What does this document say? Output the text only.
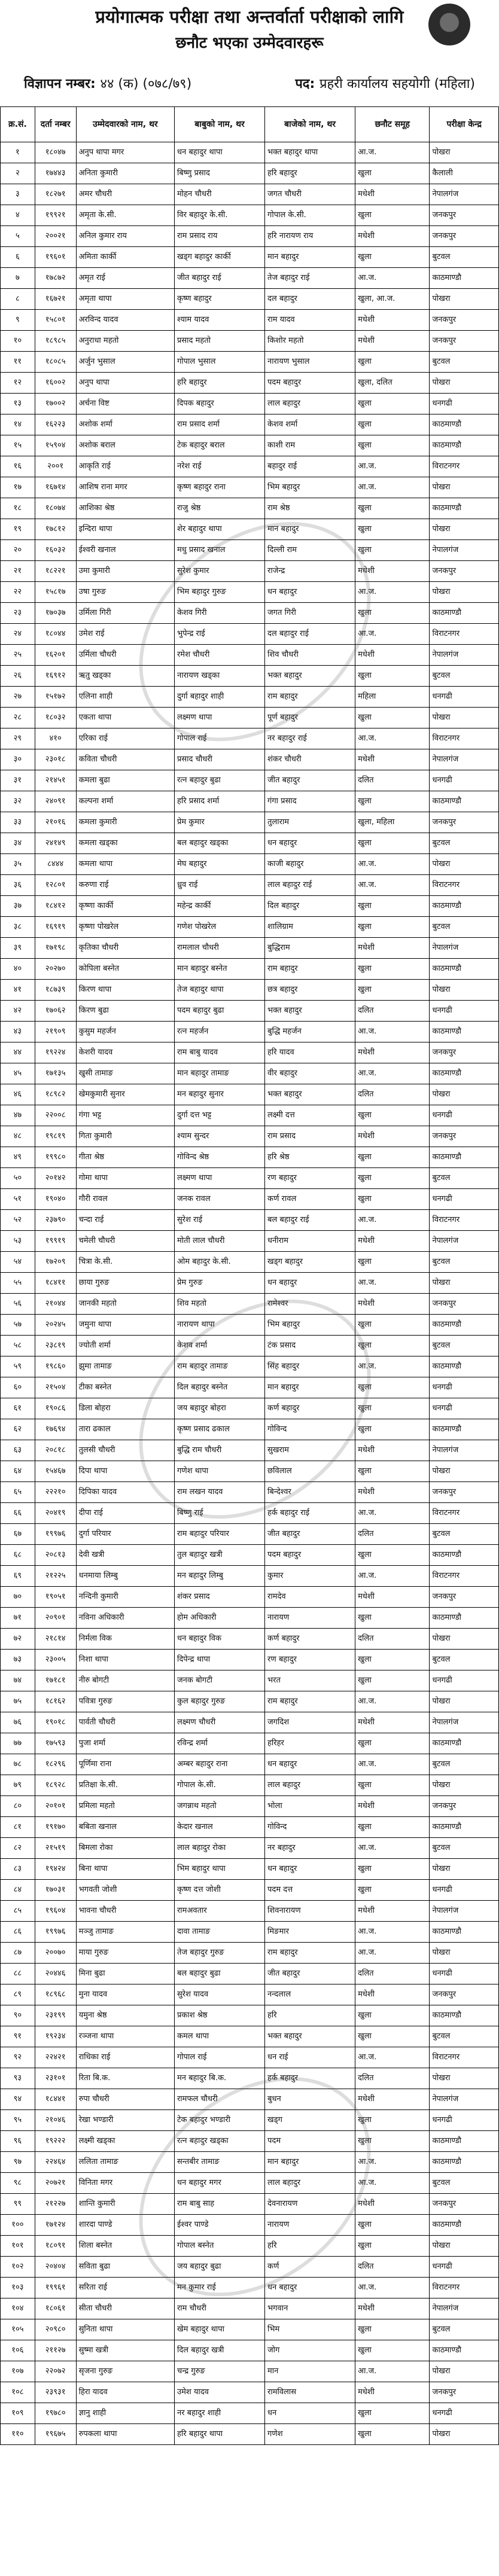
प्रयोगात्मक परीक्षा तथा अन्तर्वार्ता परीक्षाको लागि
छनौट भएका उम्मेदवारहरू
विज्ञापन नम्बर: ४४ (क) (०७८/७९)	पद: प्रहरी कार्यालय सहयोगी (महिला)
क्र.सं.	दर्ता नम्बर	उम्मेदवारको नाम, थर	बाबुको नाम, थर	बाजेको नाम, थर	छनौट समूह	परीक्षा केन्द्र
१	१८०४७	अनुप थापा मगर	धन बहादुर थापा	भक्त बहादुर थापा	आ.ज.	पोखरा
२	१७४४३	अनिता कुमारी	बिष्णु प्रसाद	हरि बहादुर	खुला	कैलाली
३	१८२७१	अमर चौधरी	मोहन चौधरी	जगत चौधरी	मधेशी	नेपालगंज
४	१९९२१	अमृता के.सी.	विर बहादुर के.सी.	गोपाल के.सी.	खुला	जनकपुर
५	२००२१	अनिल कुमार राय	राम प्रसाद राय	हरि नारायण राय	मधेशी	जनकपुर
६	१९६०१	अमिता कार्की	खड्ग बहादुर कार्की	मान बहादुर	खुला	बुटवल
७	१७८७२	अमृत राई	जीत बहादुर राई	तेज बहादुर राई	आ.ज.	काठमाण्डौ
८	१६७२१	अमृता थापा	कृष्ण बहादुर	दल बहादुर	खुला, आ.ज.	पोखरा
९	१५८०१	अरविन्द यादव	श्याम यादव	राम यादव	मधेशी	जनकपुर
१०	१८९८५	अनुराधा महतो	प्रसाद महतो	किशोर महतो	मधेशी	जनकपुर
११	१८०८५	अर्जुन भुसाल	गोपाल भुसाल	नारायण भुसाल	खुला	बुटवल
१२	१६००२	अनुप थापा	हरि बहादुर	पदम बहादुर	खुला, दलित	पोखरा
१३	१७००२	अर्चना विष्ट	दिपक बहादुर	लाल बहादुर	खुला	धनगढी
१४	१६२२३	अशोक शर्मा	राम प्रसाद शर्मा	केशव शर्मा	खुला	काठमाण्डौ
१५	१५९०४	अशोक बराल	टेक बहादुर बराल	काशी राम	खुला	काठमाण्डौ
१६	२००१	आकृति राई	नरेश राई	बहादुर राई	आ.ज.	विराटनगर
१७	१६७१४	आशिष राना मगर	कृष्ण बहादुर राना	भिम बहादुर	आ.ज.	पोखरा
१८	१८०७४	आशिका श्रेष्ठ	राजु श्रेष्ठ	राम श्रेष्ठ	खुला	काठमाण्डौ
१९	१७८१२	इन्दिरा थापा	शेर बहादुर थापा	मान बहादुर	खुला	पोखरा
२०	१६०३२	ईश्वरी खनाल	मधु प्रसाद खनाल	दिल्ली राम	खुला	नेपालगंज
२१	१८२२१	उमा कुमारी	सुरेश कुमार	राजेन्द्र	मधेशी	जनकपुर
२२	१५८१७	उषा गुरुङ	भिम बहादुर गुरुङ	धन बहादुर	आ.ज.	पोखरा
२३	१७०३७	उर्मिला गिरी	केशव गिरी	जगत गिरी	खुला	काठमाण्डौ
२४	१८०४४	उमेश राई	भुपेन्द्र राई	दल बहादुर राई	आ.ज.	विराटनगर
२५	१६२०१	उर्मिला चौधरी	रमेश चौधरी	शिव चौधरी	मधेशी	नेपालगंज
२६	१६९१२	ऋतु खड्का	नारायण खड्का	भक्त बहादुर	खुला	बुटवल
२७	१५१७२	एलिना शाही	दुर्गा बहादुर शाही	राम बहादुर	महिला	धनगढी
२८	१८०३२	एकता थापा	लक्ष्मण थापा	पूर्ण बहादुर	खुला	पोखरा
२९	४१०	एरिका राई	गोपाल राई	नर बहादुर राई	आ.ज.	विराटनगर
३०	२३०१८	कविता चौधरी	प्रसाद चौधरी	शंकर चौधरी	मधेशी	नेपालगंज
३१	२१४५१	कमला बुढा	रत्न बहादुर बुढा	जीत बहादुर	दलित	धनगढी
३२	२४०९१	कल्पना शर्मा	हरि प्रसाद शर्मा	गंगा प्रसाद	खुला	काठमाण्डौ
३३	२१०१६	कमला कुमारी	प्रेम कुमार	तुलाराम	खुला, महिला	जनकपुर
३४	२४१४९	कमला खड्का	बल बहादुर खड्का	धन बहादुर	खुला	बुटवल
३५	८४४४	कमला थापा	मेघ बहादुर	काजी बहादुर	आ.ज.	पोखरा
३६	१२८०१	करुणा राई	ध्रुव राई	लाल बहादुर राई	आ.ज.	विराटनगर
३७	१८४१२	कृष्णा कार्की	महेन्द्र कार्की	दिल बहादुर	खुला	काठमाण्डौ
३८	१६९१९	कृष्णा पोखरेल	गणेश पोखरेल	शालिग्राम	खुला	बुटवल
३९	१७१९८	कृतिका चौधरी	रामलाल चौधरी	बुद्धिराम	मधेशी	नेपालगंज
४०	२०२७०	कोपिला बस्नेत	मान बहादुर बस्नेत	राम बहादुर	खुला	काठमाण्डौ
४१	१८७३९	किरण थापा	तेज बहादुर थापा	छत्र बहादुर	खुला	पोखरा
४२	१७०६२	किरण बुढा	पदम बहादुर बुढा	भक्त बहादुर	दलित	धनगढी
४३	२१९०९	कुसुम महर्जन	रत्न महर्जन	बुद्धि महर्जन	आ.ज.	काठमाण्डौ
४४	१९२२४	केशरी यादव	राम बाबु यादव	हरि यादव	मधेशी	जनकपुर
४५	१७१३५	खुसी तामाङ	मान बहादुर तामाङ	वीर बहादुर	आ.ज.	काठमाण्डौ
४६	१८९८२	खेमकुमारी सुनार	मन बहादुर सुनार	भक्त बहादुर	दलित	पोखरा
४७	२२००८	गंगा भट्ट	दुर्गा दत्त भट्ट	लक्ष्मी दत्त	खुला	धनगढी
४८	१९८१९	गिता कुमारी	श्याम सुन्दर	राम प्रसाद	मधेशी	जनकपुर
४९	१९९८०	गीता श्रेष्ठ	गोविन्द श्रेष्ठ	हरि श्रेष्ठ	खुला	काठमाण्डौ
५०	२०१४२	गोमा थापा	लक्ष्मण थापा	रण बहादुर	खुला	बुटवल
५१	१९०४०	गौरी रावल	जनक रावल	कर्ण रावल	खुला	धनगढी
५२	२३७९०	चन्दा राई	सुरेश राई	बल बहादुर राई	आ.ज.	विराटनगर
५३	१९९१९	चमेली चौधरी	मोती लाल चौधरी	धनीराम	मधेशी	नेपालगंज
५४	१७२०९	चित्रा के.सी.	ओम बहादुर के.सी.	खड्ग बहादुर	खुला	बुटवल
५५	१८४११	छाया गुरुङ	प्रेम गुरुङ	धन बहादुर	आ.ज.	पोखरा
५६	२१०४४	जानकी महतो	शिव महतो	रामेश्वर	मधेशी	जनकपुर
५७	२०२४५	जमुना थापा	नारायण थापा	भिम बहादुर	खुला	काठमाण्डौ
५८	२३८१९	ज्योती शर्मा	केशव शर्मा	टंक प्रसाद	खुला	बुटवल
५९	१९८६०	झुमा तामाङ	राम बहादुर तामाङ	सिंह बहादुर	आ.ज.	काठमाण्डौ
६०	२१५०४	टीका बस्नेत	दिल बहादुर बस्नेत	मान बहादुर	खुला	धनगढी
६१	१९०८६	डिला बोहरा	जय बहादुर बोहरा	कर्ण बहादुर	खुला	धनगढी
६२	१७६९४	तारा ढकाल	कृष्ण प्रसाद ढकाल	गोविन्द	खुला	काठमाण्डौ
६३	२०८१८	तुलसी चौधरी	बुद्धि राम चौधरी	सुखराम	मधेशी	नेपालगंज
६४	१५४६७	दिपा थापा	गणेश थापा	छविलाल	खुला	पोखरा
६५	२२२१०	दिपिका यादव	राम लखन यादव	बिन्देश्वर	मधेशी	जनकपुर
६६	२०४१९	दीपा राई	बिष्णु राई	हर्क बहादुर राई	आ.ज.	विराटनगर
६७	१९९७६	दुर्गा परियार	राम बहादुर परियार	जीत बहादुर	दलित	बुटवल
६८	२०८१३	देवी खत्री	तुल बहादुर खत्री	पदम बहादुर	खुला	काठमाण्डौ
६९	२१२२५	धनमाया लिम्बु	मन बहादुर लिम्बु	कुमार	आ.ज.	विराटनगर
७०	१९०५१	नन्दिनी कुमारी	शंकर प्रसाद	रामदेव	मधेशी	जनकपुर
७१	२०९०१	नविना अधिकारी	होम अधिकारी	नारायण	खुला	काठमाण्डौ
७२	२१८१४	निर्मला विक	धन बहादुर विक	कर्ण बहादुर	दलित	पोखरा
७३	२३००५	निशा थापा	दिपेन्द्र थापा	रण बहादुर	खुला	बुटवल
७४	१७१८१	नीरु बोगटी	जनक बोगटी	भरत	खुला	धनगढी
७५	१८१६२	पवित्रा गुरुङ	कुल बहादुर गुरुङ	राम बहादुर	आ.ज.	पोखरा
७६	१९०१८	पार्वती चौधरी	लक्ष्मण चौधरी	जगदिश	मधेशी	नेपालगंज
७७	१७५९३	पुजा शर्मा	रविन्द्र शर्मा	हरिहर	खुला	काठमाण्डौ
७८	१८२९६	पूर्णिमा राना	अम्बर बहादुर राना	धन बहादुर	आ.ज.	बुटवल
७९	१८९२८	प्रतिक्षा के.सी.	गोपाल के.सी.	लाल बहादुर	खुला	पोखरा
८०	२०१०१	प्रमिला महतो	जगन्नाथ महतो	भोला	मधेशी	जनकपुर
८१	१९१७०	बबिता खनाल	केदार खनाल	गोविन्द	खुला	काठमाण्डौ
८२	२१५१९	बिमला रोका	लाल बहादुर रोका	नर बहादुर	आ.ज.	बुटवल
८३	१९४२४	बिना थापा	भिम बहादुर थापा	धन बहादुर	खुला	पोखरा
८४	१७०३१	भगवती जोशी	कृष्ण दत्त जोशी	पदम दत्त	खुला	धनगढी
८५	१९६०४	भावना चौधरी	रामअवतार	शिवनारायण	मधेशी	नेपालगंज
८६	१९९७६	मञ्जु तामाङ	दावा तामाङ	मिङमार	आ.ज.	काठमाण्डौ
८७	२००७०	माया गुरुङ	तेज बहादुर गुरुङ	राम बहादुर	आ.ज.	पोखरा
८८	२०४४६	मिना बुढा	बल बहादुर बुढा	जीत बहादुर	दलित	धनगढी
८९	१८९६८	मुना यादव	सुरेश यादव	नन्दलाल	मधेशी	जनकपुर
९०	२३१९९	यमुना श्रेष्ठ	प्रकाश श्रेष्ठ	हरि	खुला	काठमाण्डौ
९१	१९२३४	रञ्जना थापा	कमल थापा	भक्त बहादुर	खुला	बुटवल
९२	२२४२१	राधिका राई	गोपाल राई	धन राई	आ.ज.	विराटनगर
९३	२३१०१	रिता बि.क.	मन बहादुर बि.क.	हर्क बहादुर	दलित	पोखरा
९४	१८४४१	रुपा चौधरी	रामफल चौधरी	बुधन	मधेशी	नेपालगंज
९५	२१०४६	रेखा भण्डारी	टेक बहादुर भण्डारी	खड्ग	खुला	धनगढी
९६	१९२२२	लक्ष्मी खड्का	रत्न बहादुर खड्का	पदम	खुला	काठमाण्डौ
९७	२२४६४	ललिता तामाङ	सन्तबीर तामाङ	मान बहादुर	आ.ज.	काठमाण्डौ
९८	२०७२१	विनिता मगर	धन बहादुर मगर	लाल बहादुर	आ.ज.	बुटवल
९९	२१२२७	शान्ति कुमारी	राम बाबु साह	देवनारायण	मधेशी	जनकपुर
१००	१७१२४	शारदा पाण्डे	ईश्वर पाण्डे	नारायण	खुला	काठमाण्डौ
१०१	१८०९१	शिला बस्नेत	गोपाल बस्नेत	हरि	खुला	पोखरा
१०२	२०४०४	सविता बुढा	जय बहादुर बुढा	कर्ण	दलित	धनगढी
१०३	१९९६१	सरिता राई	मन कुमार राई	धन बहादुर	आ.ज.	विराटनगर
१०४	१८०६१	सीता चौधरी	राम चौधरी	भगवान	मधेशी	नेपालगंज
१०५	२०९८०	सुनिता थापा	खेम बहादुर थापा	भिम	खुला	बुटवल
१०६	२११२७	सुष्मा खत्री	दिल बहादुर खत्री	जोग	खुला	काठमाण्डौ
१०७	२२०७२	सृजना गुरुङ	चन्द्र गुरुङ	मान	आ.ज.	पोखरा
१०८	२३९३१	हिरा यादव	उमेश यादव	रामविलास	मधेशी	जनकपुर
१०९	१९७८०	ज्ञानु शाही	नर बहादुर शाही	धन	खुला	धनगढी
११०	१९६७५	रुपकला थापा	हरि बहादुर थापा	गणेश	खुला	पोखरा
